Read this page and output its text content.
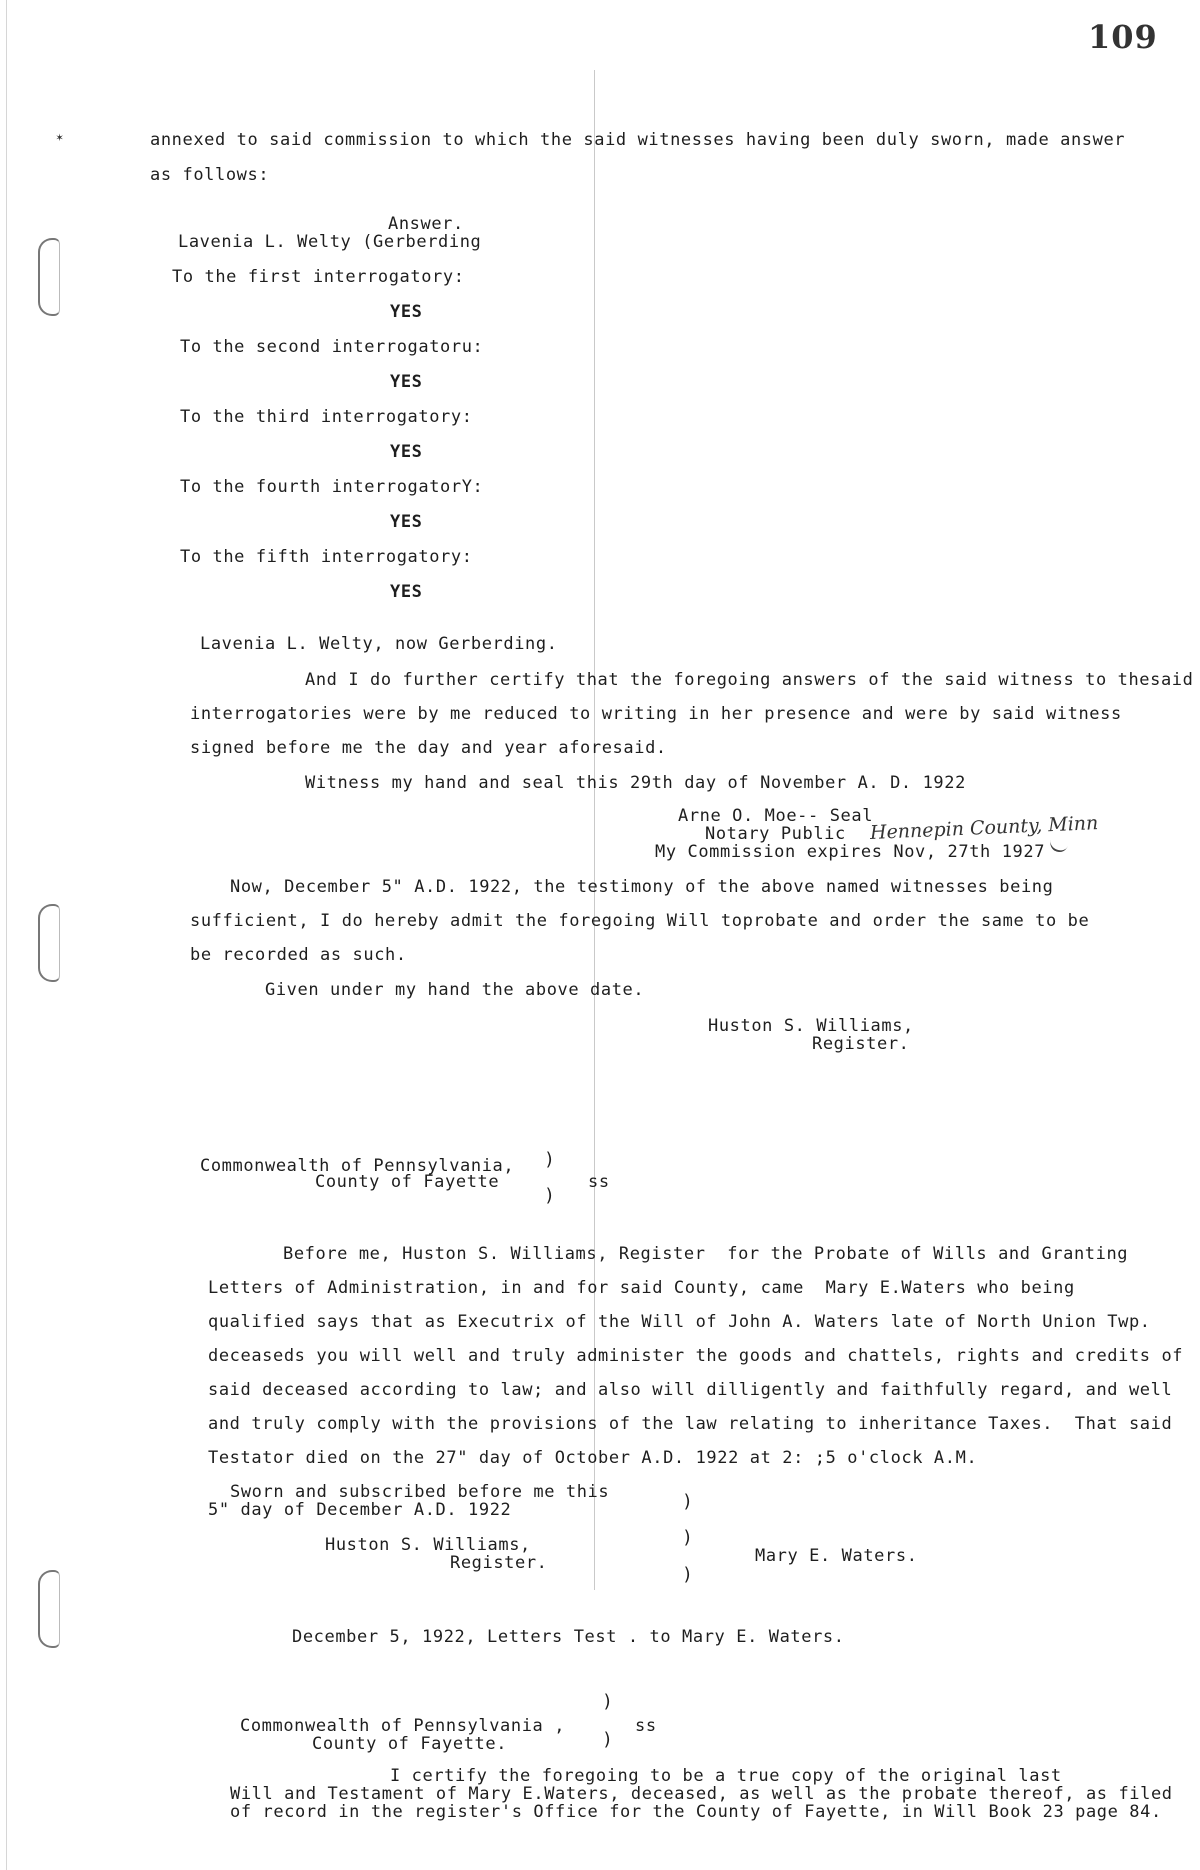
✶
109
annexed to said commission to which the said witnesses having been duly sworn, made answer
as follows:
Answer.
Lavenia L. Welty (Gerberding
To the first interrogatory:
YES
To the second interrogatoru:
YES
To the third interrogatory:
YES
To the fourth interrogatorY:
YES
To the fifth interrogatory:
YES
Lavenia L. Welty, now Gerberding.
And I do further certify that the foregoing answers of the said witness to thesaid
interrogatories were by me reduced to writing in her presence and were by said witness
signed before me the day and year aforesaid.
Witness my hand and seal this 29th day of November A. D. 1922
Arne O. Moe-- Seal
Notary Public Hennepin County, Minn
My Commission expires Nov, 27th 1927
Now, December 5" A.D. 1922, the testimony of the above named witnesses being
sufficient, I do hereby admit the foregoing Will toprobate and order the same to be
be recorded as such.
Given under my hand the above date.
Huston S. Williams,
Register.
Commonwealth of Pennsylvania,
County of Fayette
)
)
ss
Before me, Huston S. Williams, Register  for the Probate of Wills and Granting
Letters of Administration, in and for said County, came  Mary E.Waters who being
qualified says that as Executrix of the Will of John A. Waters late of North Union Twp.
deceaseds you will well and truly administer the goods and chattels, rights and credits of
said deceased according to law; and also will dilligently and faithfully regard, and well
and truly comply with the provisions of the law relating to inheritance Taxes.  That said
Testator died on the 27" day of October A.D. 1922 at 2: ;5 o'clock A.M.
Sworn and subscribed before me this
5" day of December A.D. 1922	)
Huston S. Williams,	)
Register.	Mary E. Waters.
)
December 5, 1922, Letters Test . to Mary E. Waters.
)
Commonwealth of Pennsylvania ,	ss
County of Fayette.	)
I certify the foregoing to be a true copy of the original last
Will and Testament of Mary E.Waters, deceased, as well as the probate thereof, as filed
of record in the register's Office for the County of Fayette, in Will Book 23 page 84.
